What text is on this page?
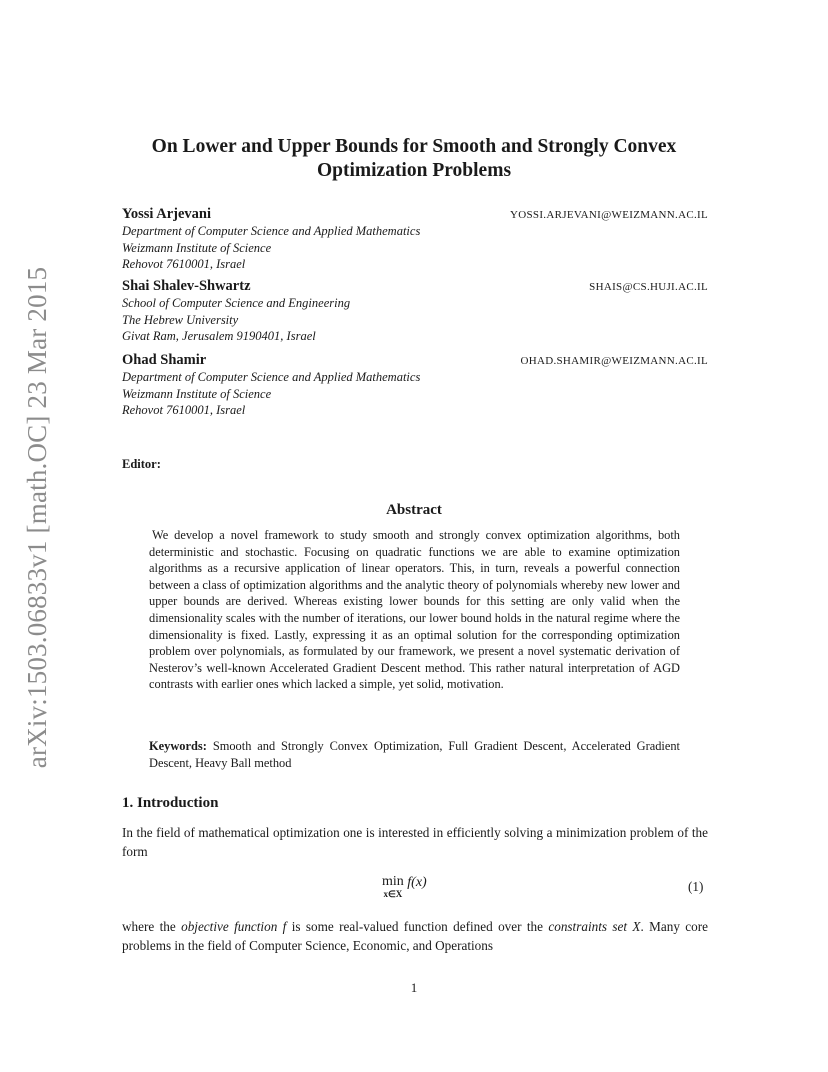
arXiv:1503.06833v1 [math.OC] 23 Mar 2015
On Lower and Upper Bounds for Smooth and Strongly Convex Optimization Problems
Yossi Arjevani	YOSSI.ARJEVANI@WEIZMANN.AC.IL
Department of Computer Science and Applied Mathematics
Weizmann Institute of Science
Rehovot 7610001, Israel
Shai Shalev-Shwartz	SHAIS@CS.HUJI.AC.IL
School of Computer Science and Engineering
The Hebrew University
Givat Ram, Jerusalem 9190401, Israel
Ohad Shamir	OHAD.SHAMIR@WEIZMANN.AC.IL
Department of Computer Science and Applied Mathematics
Weizmann Institute of Science
Rehovot 7610001, Israel
Editor:
Abstract
We develop a novel framework to study smooth and strongly convex optimization algorithms, both deterministic and stochastic. Focusing on quadratic functions we are able to examine optimization algorithms as a recursive application of linear operators. This, in turn, reveals a powerful connection between a class of optimization algorithms and the analytic theory of polynomials whereby new lower and upper bounds are derived. Whereas existing lower bounds for this setting are only valid when the dimensionality scales with the number of iterations, our lower bound holds in the natural regime where the dimensionality is fixed. Lastly, expressing it as an optimal solution for the corresponding optimization problem over polynomials, as formulated by our framework, we present a novel systematic derivation of Nesterov’s well-known Accelerated Gradient Descent method. This rather natural interpretation of AGD contrasts with earlier ones which lacked a simple, yet solid, motivation.
Keywords: Smooth and Strongly Convex Optimization, Full Gradient Descent, Accelerated Gradient Descent, Heavy Ball method
1. Introduction
In the field of mathematical optimization one is interested in efficiently solving a minimization problem of the form
min
x∈X
f(x)	(1)
where the objective function f is some real-valued function defined over the constraints set X. Many core problems in the field of Computer Science, Economic, and Operations
1
